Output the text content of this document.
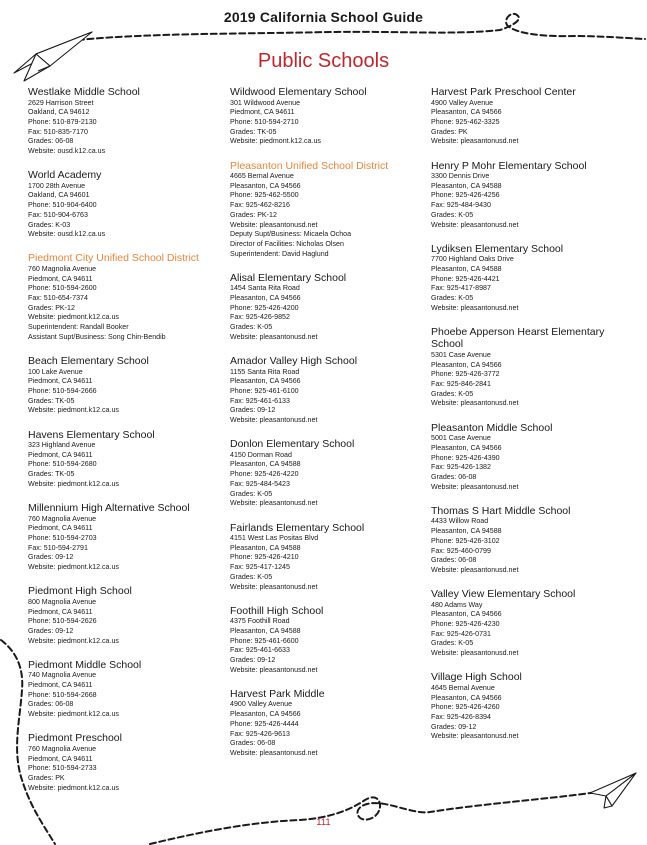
2019 California School Guide
Public Schools
Westlake Middle School
2629 Harrison Street
Oakland, CA 94612
Phone: 510-879-2130
Fax: 510-835-7170
Grades: 06-08
Website: ousd.k12.ca.us
World Academy
1700 28th Avenue
Oakland, CA 94601
Phone: 510-904-6400
Fax: 510-904-6763
Grades: K-03
Website: ousd.k12.ca.us
Piedmont City Unified School District
760 Magnolia Avenue
Piedmont, CA 94611
Phone: 510-594-2600
Fax: 510-654-7374
Grades: PK-12
Website: piedmont.k12.ca.us
Superintendent: Randall Booker
Assistant Supt/Business: Song Chin-Bendib
Beach Elementary School
100 Lake Avenue
Piedmont, CA 94611
Phone: 510-594-2666
Grades: TK-05
Website: piedmont.k12.ca.us
Havens Elementary School
323 Highland Avenue
Piedmont, CA 94611
Phone: 510-594-2680
Grades: TK-05
Website: piedmont.k12.ca.us
Millennium High Alternative School
760 Magnolia Avenue
Piedmont, CA 94611
Phone: 510-594-2703
Fax: 510-594-2791
Grades: 09-12
Website: piedmont.k12.ca.us
Piedmont High School
800 Magnolia Avenue
Piedmont, CA 94611
Phone: 510-594-2626
Grades: 09-12
Website: piedmont.k12.ca.us
Piedmont Middle School
740 Magnolia Avenue
Piedmont, CA 94611
Phone: 510-594-2668
Grades: 06-08
Website: piedmont.k12.ca.us
Piedmont Preschool
760 Magnolia Avenue
Piedmont, CA 94611
Phone: 510-594-2733
Grades: PK
Website: piedmont.k12.ca.us
Wildwood Elementary School
301 Wildwood Avenue
Piedmont, CA 94611
Phone: 510-594-2710
Grades: TK-05
Website: piedmont.k12.ca.us
Pleasanton Unified School District
4665 Bernal Avenue
Pleasanton, CA 94566
Phone: 925-462-5500
Fax: 925-462-8216
Grades: PK-12
Website: pleasantonusd.net
Deputy Supt/Business: Micaela Ochoa
Director of Facilities: Nicholas Olsen
Superintendent: David Haglund
Alisal Elementary School
1454 Santa Rita Road
Pleasanton, CA 94566
Phone: 925-426-4200
Fax: 925-426-9852
Grades: K-05
Website: pleasantonusd.net
Amador Valley High School
1155 Santa Rita Road
Pleasanton, CA 94566
Phone: 925-461-6100
Fax: 925-461-6133
Grades: 09-12
Website: pleasantonusd.net
Donlon Elementary School
4150 Dorman Road
Pleasanton, CA 94588
Phone: 925-426-4220
Fax: 925-484-5423
Grades: K-05
Website: pleasantonusd.net
Fairlands Elementary School
4151 West Las Positas Blvd
Pleasanton, CA 94588
Phone: 925-426-4210
Fax: 925-417-1245
Grades: K-05
Website: pleasantonusd.net
Foothill High School
4375 Foothill Road
Pleasanton, CA 94588
Phone: 925-461-6600
Fax: 925-461-6633
Grades: 09-12
Website: pleasantonusd.net
Harvest Park Middle
4900 Valley Avenue
Pleasanton, CA 94566
Phone: 925-426-4444
Fax: 925-426-9613
Grades: 06-08
Website: pleasantonusd.net
Harvest Park Preschool Center
4900 Valley Avenue
Pleasanton, CA 94566
Phone: 925-462-3325
Grades: PK
Website: pleasantonusd.net
Henry P Mohr Elementary School
3300 Dennis Drive
Pleasanton, CA 94588
Phone: 925-426-4256
Fax: 925-484-9430
Grades: K-05
Website: pleasantonusd.net
Lydiksen Elementary School
7700 Highland Oaks Drive
Pleasanton, CA 94588
Phone: 925-426-4421
Fax: 925-417-8987
Grades: K-05
Website: pleasantonusd.net
Phoebe Apperson Hearst Elementary School
5301 Case Avenue
Pleasanton, CA 94566
Phone: 925-426-3772
Fax: 925-846-2841
Grades: K-05
Website: pleasantonusd.net
Pleasanton Middle School
5001 Case Avenue
Pleasanton, CA 94566
Phone: 925-426-4390
Fax: 925-426-1382
Grades: 06-08
Website: pleasantonusd.net
Thomas S Hart Middle School
4433 Willow Road
Pleasanton, CA 94588
Phone: 925-426-3102
Fax: 925-460-0799
Grades: 06-08
Website: pleasantonusd.net
Valley View Elementary School
480 Adams Way
Pleasanton, CA 94566
Phone: 925-426-4230
Fax: 925-426-0731
Grades: K-05
Website: pleasantonusd.net
Village High School
4645 Bernal Avenue
Pleasanton, CA 94566
Phone: 925-426-4260
Fax: 925-426-8394
Grades: 09-12
Website: pleasantonusd.net
111
